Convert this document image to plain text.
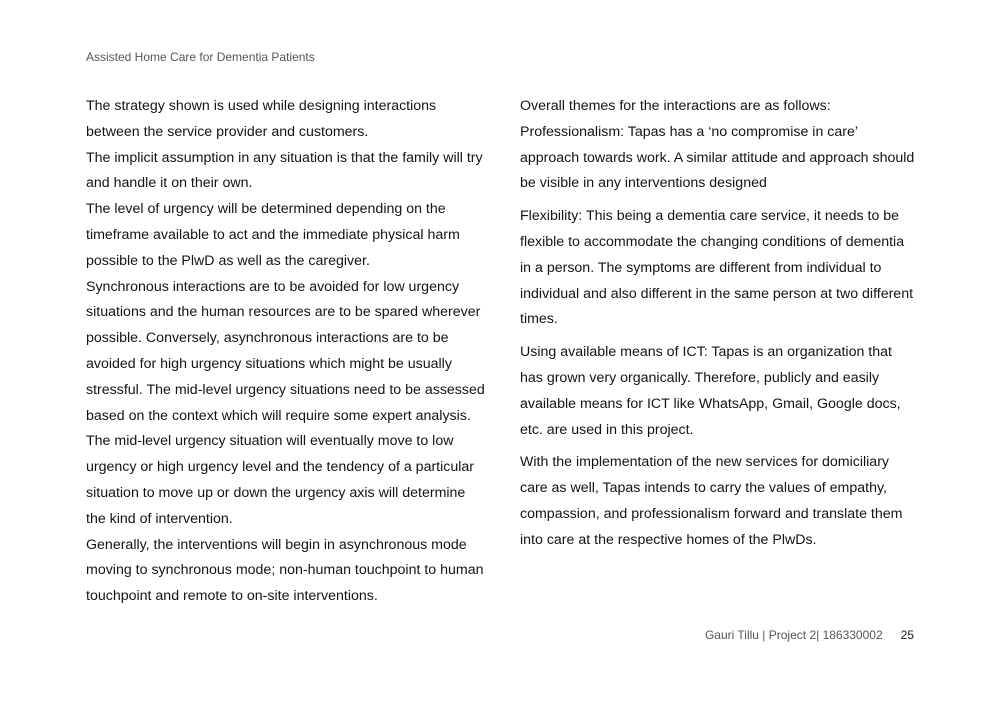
Assisted Home Care for Dementia Patients

The strategy shown is used while designing interactions between the service provider and customers.

The implicit assumption in any situation is that the family will try and handle it on their own.

The level of urgency will be determined depending on the timeframe available to act and the immediate physical harm possible to the PlwD as well as the caregiver.

Synchronous interactions are to be avoided for low urgency situations and the human resources are to be spared wherever possible. Conversely, asynchronous interactions are to be avoided for high urgency situations which might be usually stressful. The mid-level urgency situations need to be assessed based on the context which will require some expert analysis. The mid-level urgency situation will eventually move to low urgency or high urgency level and the tendency of a particular situation to move up or down the urgency axis will determine the kind of intervention.

Generally, the interventions will begin in asynchronous mode moving to synchronous mode; non-human touchpoint to human touchpoint and remote to on-site interventions.

Overall themes for the interactions are as follows:

Professionalism: Tapas has a ‘no compromise in care’ approach towards work. A similar attitude and approach should be visible in any interventions designed

Flexibility: This being a dementia care service, it needs to be flexible to accommodate the changing conditions of dementia in a person. The symptoms are different from individual to individual and also different in the same person at two different times.

Using available means of ICT: Tapas is an organization that has grown very organically. Therefore, publicly and easily available means for ICT like WhatsApp, Gmail, Google docs, etc. are used in this project.

With the implementation of the new services for domiciliary care as well, Tapas intends to carry the values of empathy, compassion, and professionalism forward and translate them into care at the respective homes of the PlwDs.

Gauri Tillu | Project 2| 186330002 25
